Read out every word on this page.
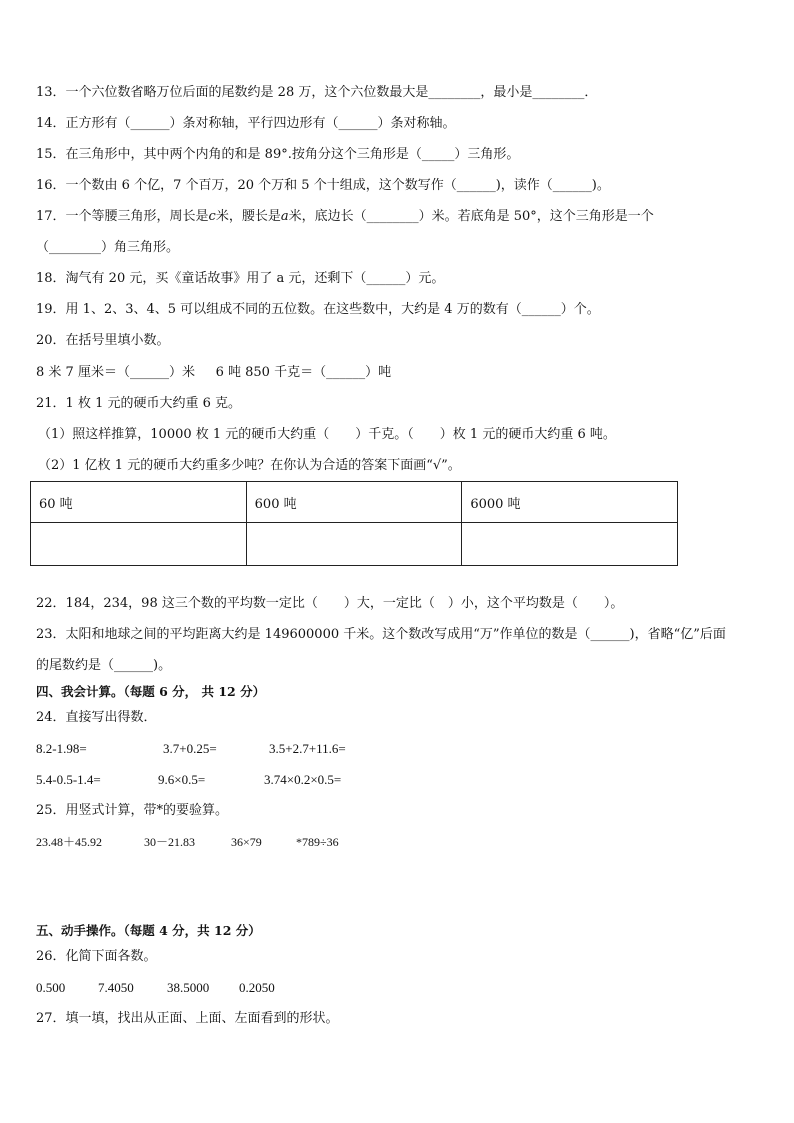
13．一个六位数省略万位后面的尾数约是 28 万，这个六位数最大是________，最小是________．
14．正方形有（______）条对称轴，平行四边形有（______）条对称轴。
15．在三角形中，其中两个内角的和是 89°.按角分这个三角形是（_____）三角形。
16．一个数由 6 个亿，7 个百万，20 个万和 5 个十组成，这个数写作（______)，读作（______)。
17．一个等腰三角形，周长是𝑐米，腰长是𝑎米，底边长（________）米。若底角是 50°，这个三角形是一个
（________）角三角形。
18．淘气有 20 元，买《童话故事》用了 a 元，还剩下（______）元。
19．用 1、2、3、4、5 可以组成不同的五位数。在这些数中，大约是 4 万的数有（______）个。
20．在括号里填小数。
8 米 7 厘米＝（______）米     6 吨 850 千克＝（______）吨
21．1 枚 1 元的硬币大约重 6 克。
（1）照这样推算，10000 枚 1 元的硬币大约重（　　）千克。（　　）枚 1 元的硬币大约重 6 吨。
（2）1 亿枚 1 元的硬币大约重多少吨？在你认为合适的答案下面画“√”。
60 吨	600 吨	6000 吨

22．184，234，98 这三个数的平均数一定比（　　）大，一定比（　）小，这个平均数是（　　）。
23．太阳和地球之间的平均距离大约是 149600000 千米。这个数改写成用“万”作单位的数是（______)，省略“亿”后面
的尾数约是（______)。
四、我会计算。（每题 6 分， 共 12 分）
24．直接写出得数．
8.2-1.98=	3.7+0.25=	3.5+2.7+11.6=
5.4-0.5-1.4=	9.6×0.5=	3.74×0.2×0.5=
25．用竖式计算，带*的要验算。
23.48＋45.92	30－21.83	36×79	*789÷36
五、动手操作。（每题 4 分，共 12 分）
26．化简下面各数。
0.500	7.4050	38.5000 0.2050
27．填一填，找出从正面、上面、左面看到的形状。
